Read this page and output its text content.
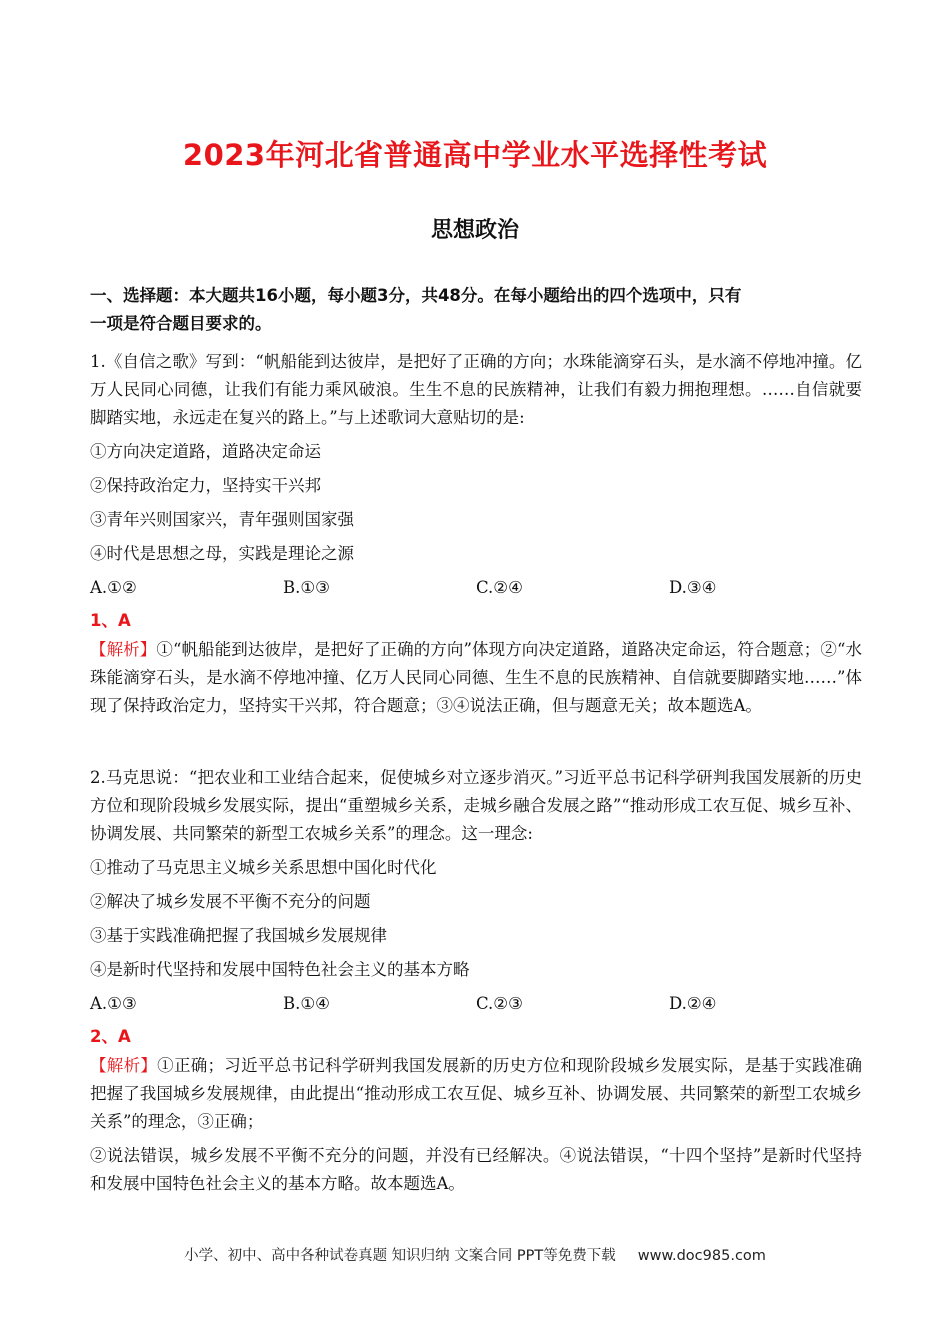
2023年河北省普通高中学业水平选择性考试
思想政治
一、选择题：本大题共16小题，每小题3分，共48分。在每小题给出的四个选项中，只有
一项是符合题目要求的。
1.《自信之歌》写到：“帆船能到达彼岸，是把好了正确的方向；水珠能滴穿石头，是水滴不停地冲撞。亿万人民同心同德，让我们有能力乘风破浪。生生不息的民族精神，让我们有毅力拥抱理想。……自信就要脚踏实地，永远走在复兴的路上。”与上述歌词大意贴切的是:
①方向决定道路，道路决定命运
②保持政治定力，坚持实干兴邦
③青年兴则国家兴，青年强则国家强
④时代是思想之母，实践是理论之源
A.①②	B.①③	C.②④	D.③④
1、A
【解析】①“帆船能到达彼岸，是把好了正确的方向”体现方向决定道路，道路决定命运，符合题意；②“水珠能滴穿石头，是水滴不停地冲撞、亿万人民同心同德、生生不息的民族精神、自信就要脚踏实地……”体现了保持政治定力，坚持实干兴邦，符合题意；③④说法正确，但与题意无关；故本题选A。
2.马克思说：“把农业和工业结合起来，促使城乡对立逐步消灭。”习近平总书记科学研判我国发展新的历史方位和现阶段城乡发展实际，提出“重塑城乡关系，走城乡融合发展之路”“推动形成工农互促、城乡互补、协调发展、共同繁荣的新型工农城乡关系”的理念。这一理念:
①推动了马克思主义城乡关系思想中国化时代化
②解决了城乡发展不平衡不充分的问题
③基于实践准确把握了我国城乡发展规律
④是新时代坚持和发展中国特色社会主义的基本方略
A.①③	B.①④	C.②③	D.②④
2、A
【解析】①正确；习近平总书记科学研判我国发展新的历史方位和现阶段城乡发展实际，是基于实践准确把握了我国城乡发展规律，由此提出“推动形成工农互促、城乡互补、协调发展、共同繁荣的新型工农城乡关系”的理念，③正确；
②说法错误，城乡发展不平衡不充分的问题，并没有已经解决。④说法错误，“十四个坚持”是新时代坚持和发展中国特色社会主义的基本方略。故本题选A。
小学、初中、高中各种试卷真题 知识归纳 文案合同 PPT等免费下载 www.doc985.com
